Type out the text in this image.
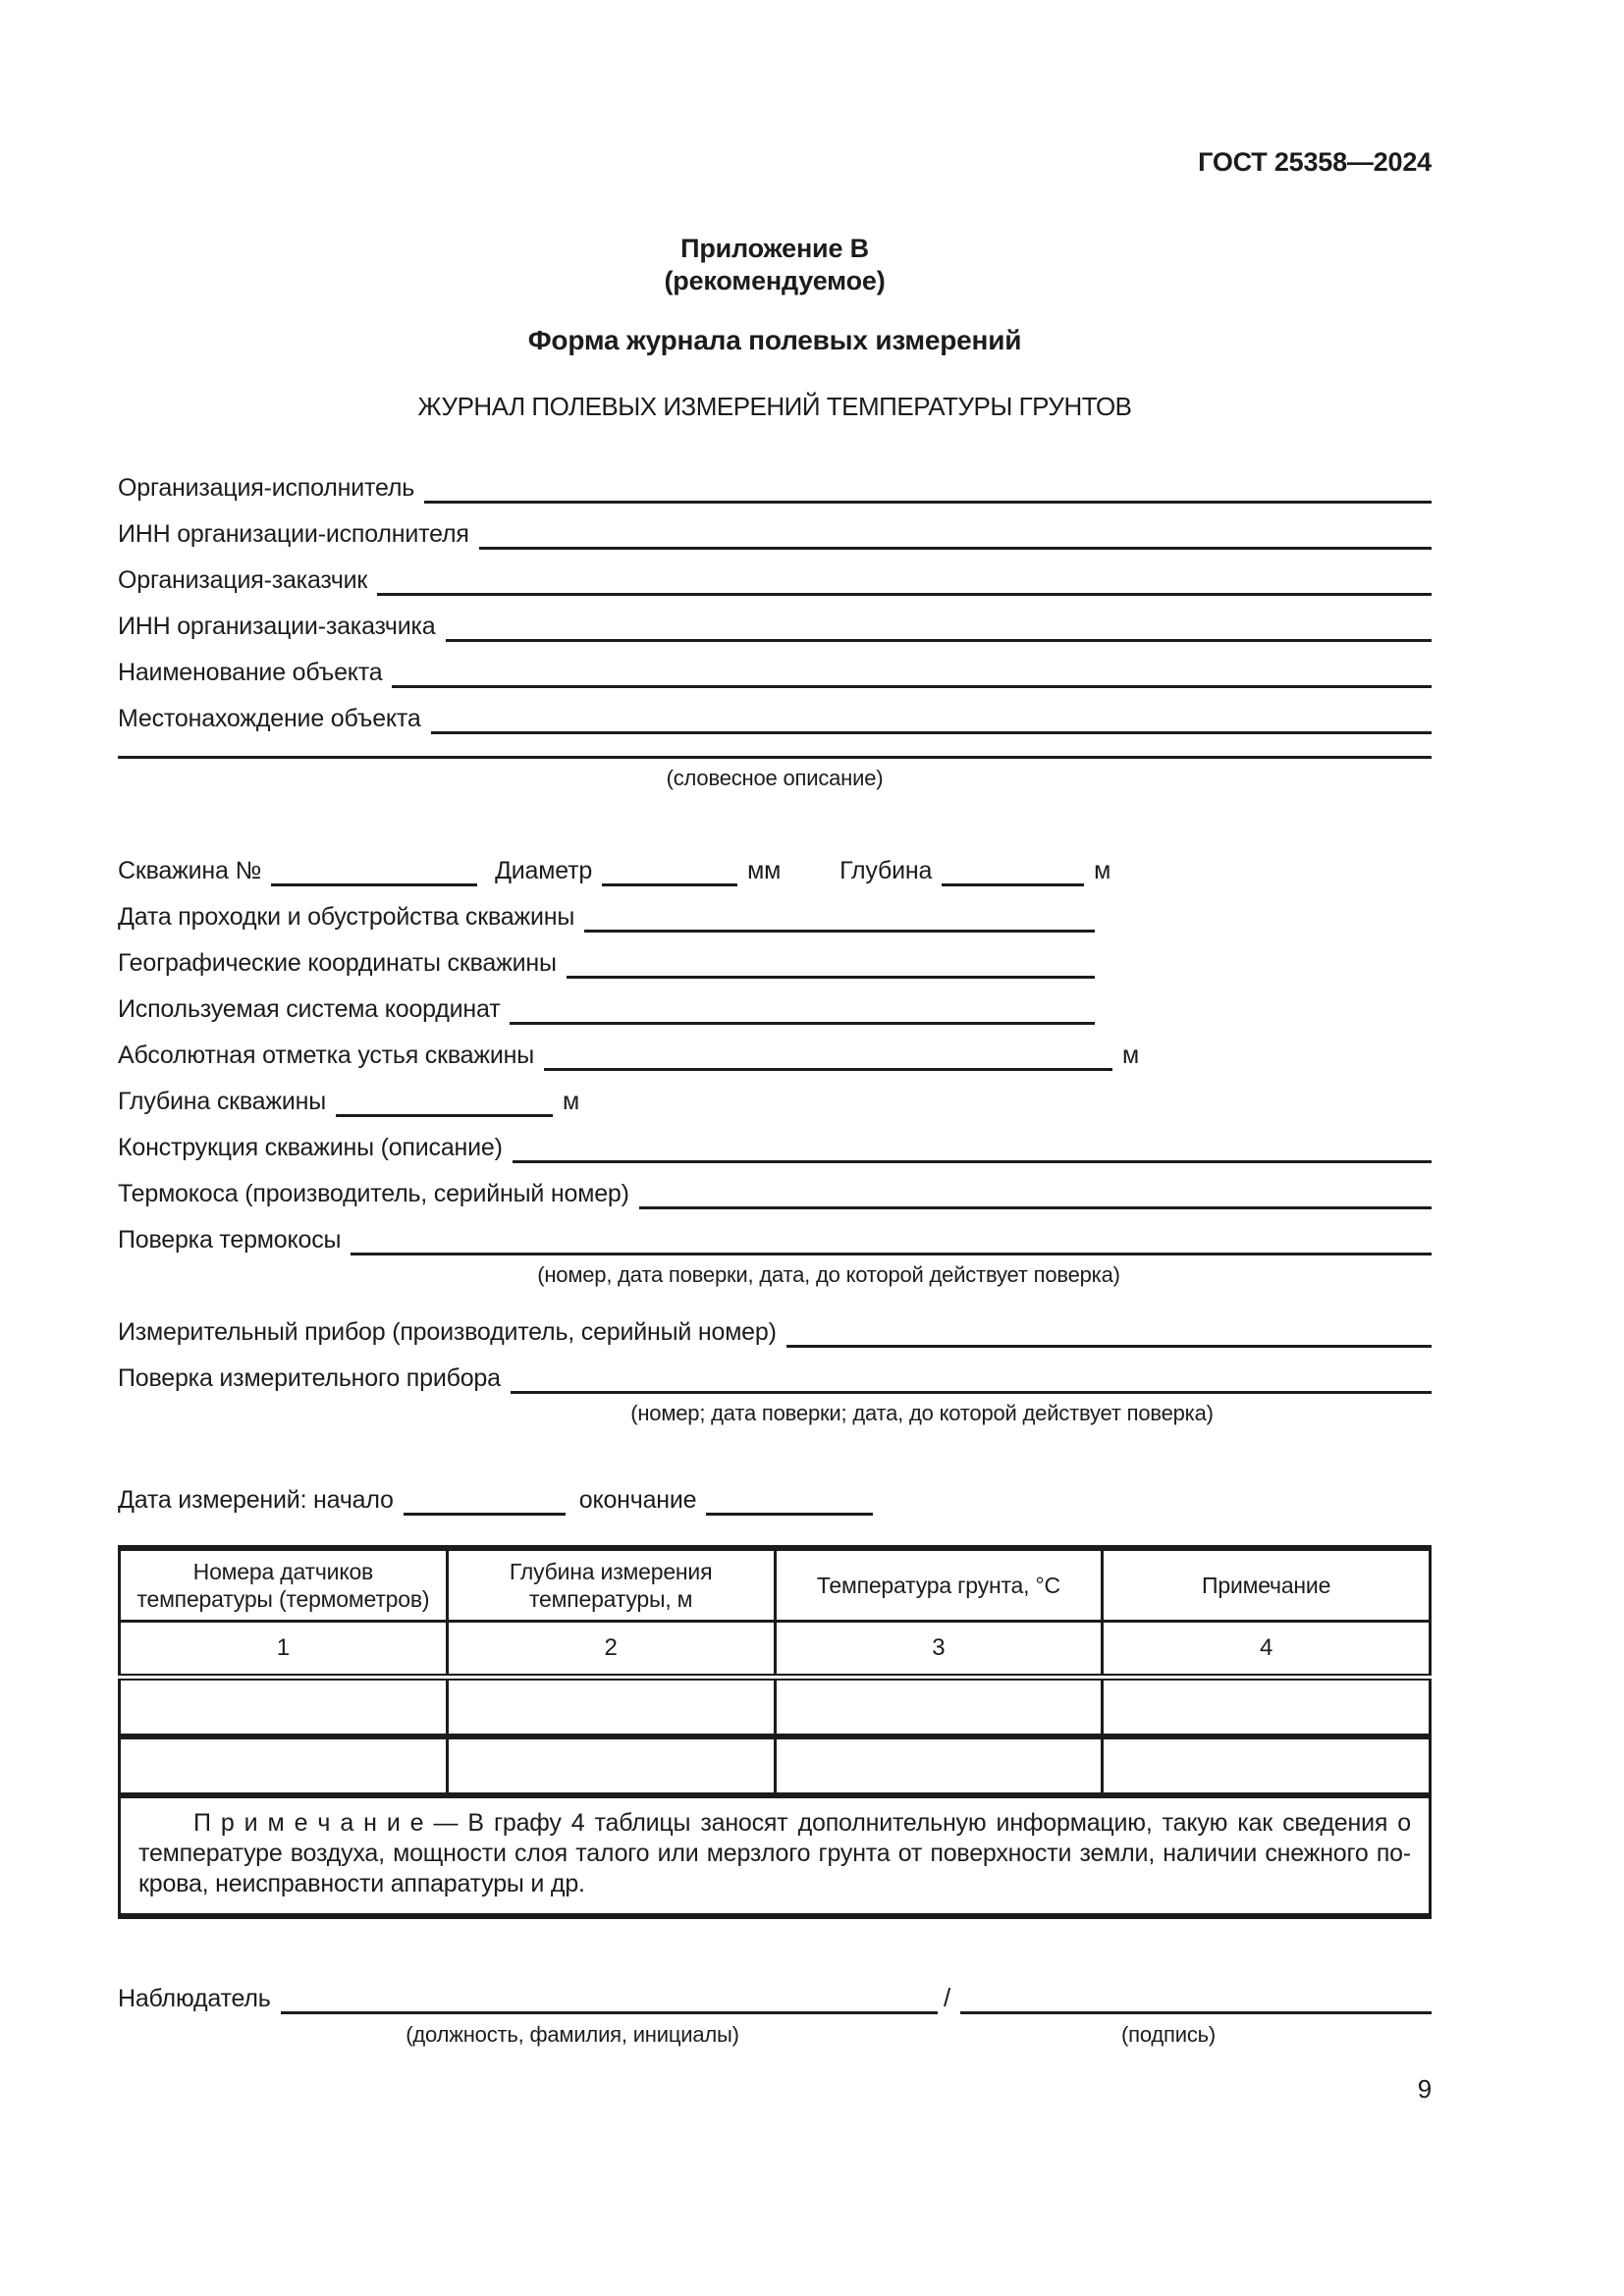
ГОСТ 25358—2024
Приложение В
(рекомендуемое)
Форма журнала полевых измерений
ЖУРНАЛ ПОЛЕВЫХ ИЗМЕРЕНИЙ ТЕМПЕРАТУРЫ ГРУНТОВ
Организация-исполнитель
ИНН организации-исполнителя
Организация-заказчик
ИНН организации-заказчика
Наименование объекта
Местонахождение объекта
(словесное описание)
Скважина №	Диаметр	мм Глубина	м
Дата проходки и обустройства скважины
Географические координаты скважины
Используемая система координат
Абсолютная отметка устья скважины	м
Глубина скважины	м
Конструкция скважины (описание)
Термокоса (производитель, серийный номер)
Поверка термокосы
(номер, дата поверки, дата, до которой действует поверка)
Измерительный прибор (производитель, серийный номер)
Поверка измерительного прибора
(номер; дата поверки; дата, до которой действует поверка)
Дата измерений: начало	окончание
Номера датчиков температуры (термометров)	Глубина измерения температуры, м	Температура грунта, °С	Примечание
1	2	3	4

П р и м е ч а н и е — В графу 4 таблицы заносят дополнительную информацию, такую как сведения о
температуре воздуха, мощности слоя талого или мерзлого грунта от поверхности земли, наличии снежного по-
крова, неисправности аппаратуры и др.
Наблюдатель	/
(должность, фамилия, инициалы)	(подпись)
9
